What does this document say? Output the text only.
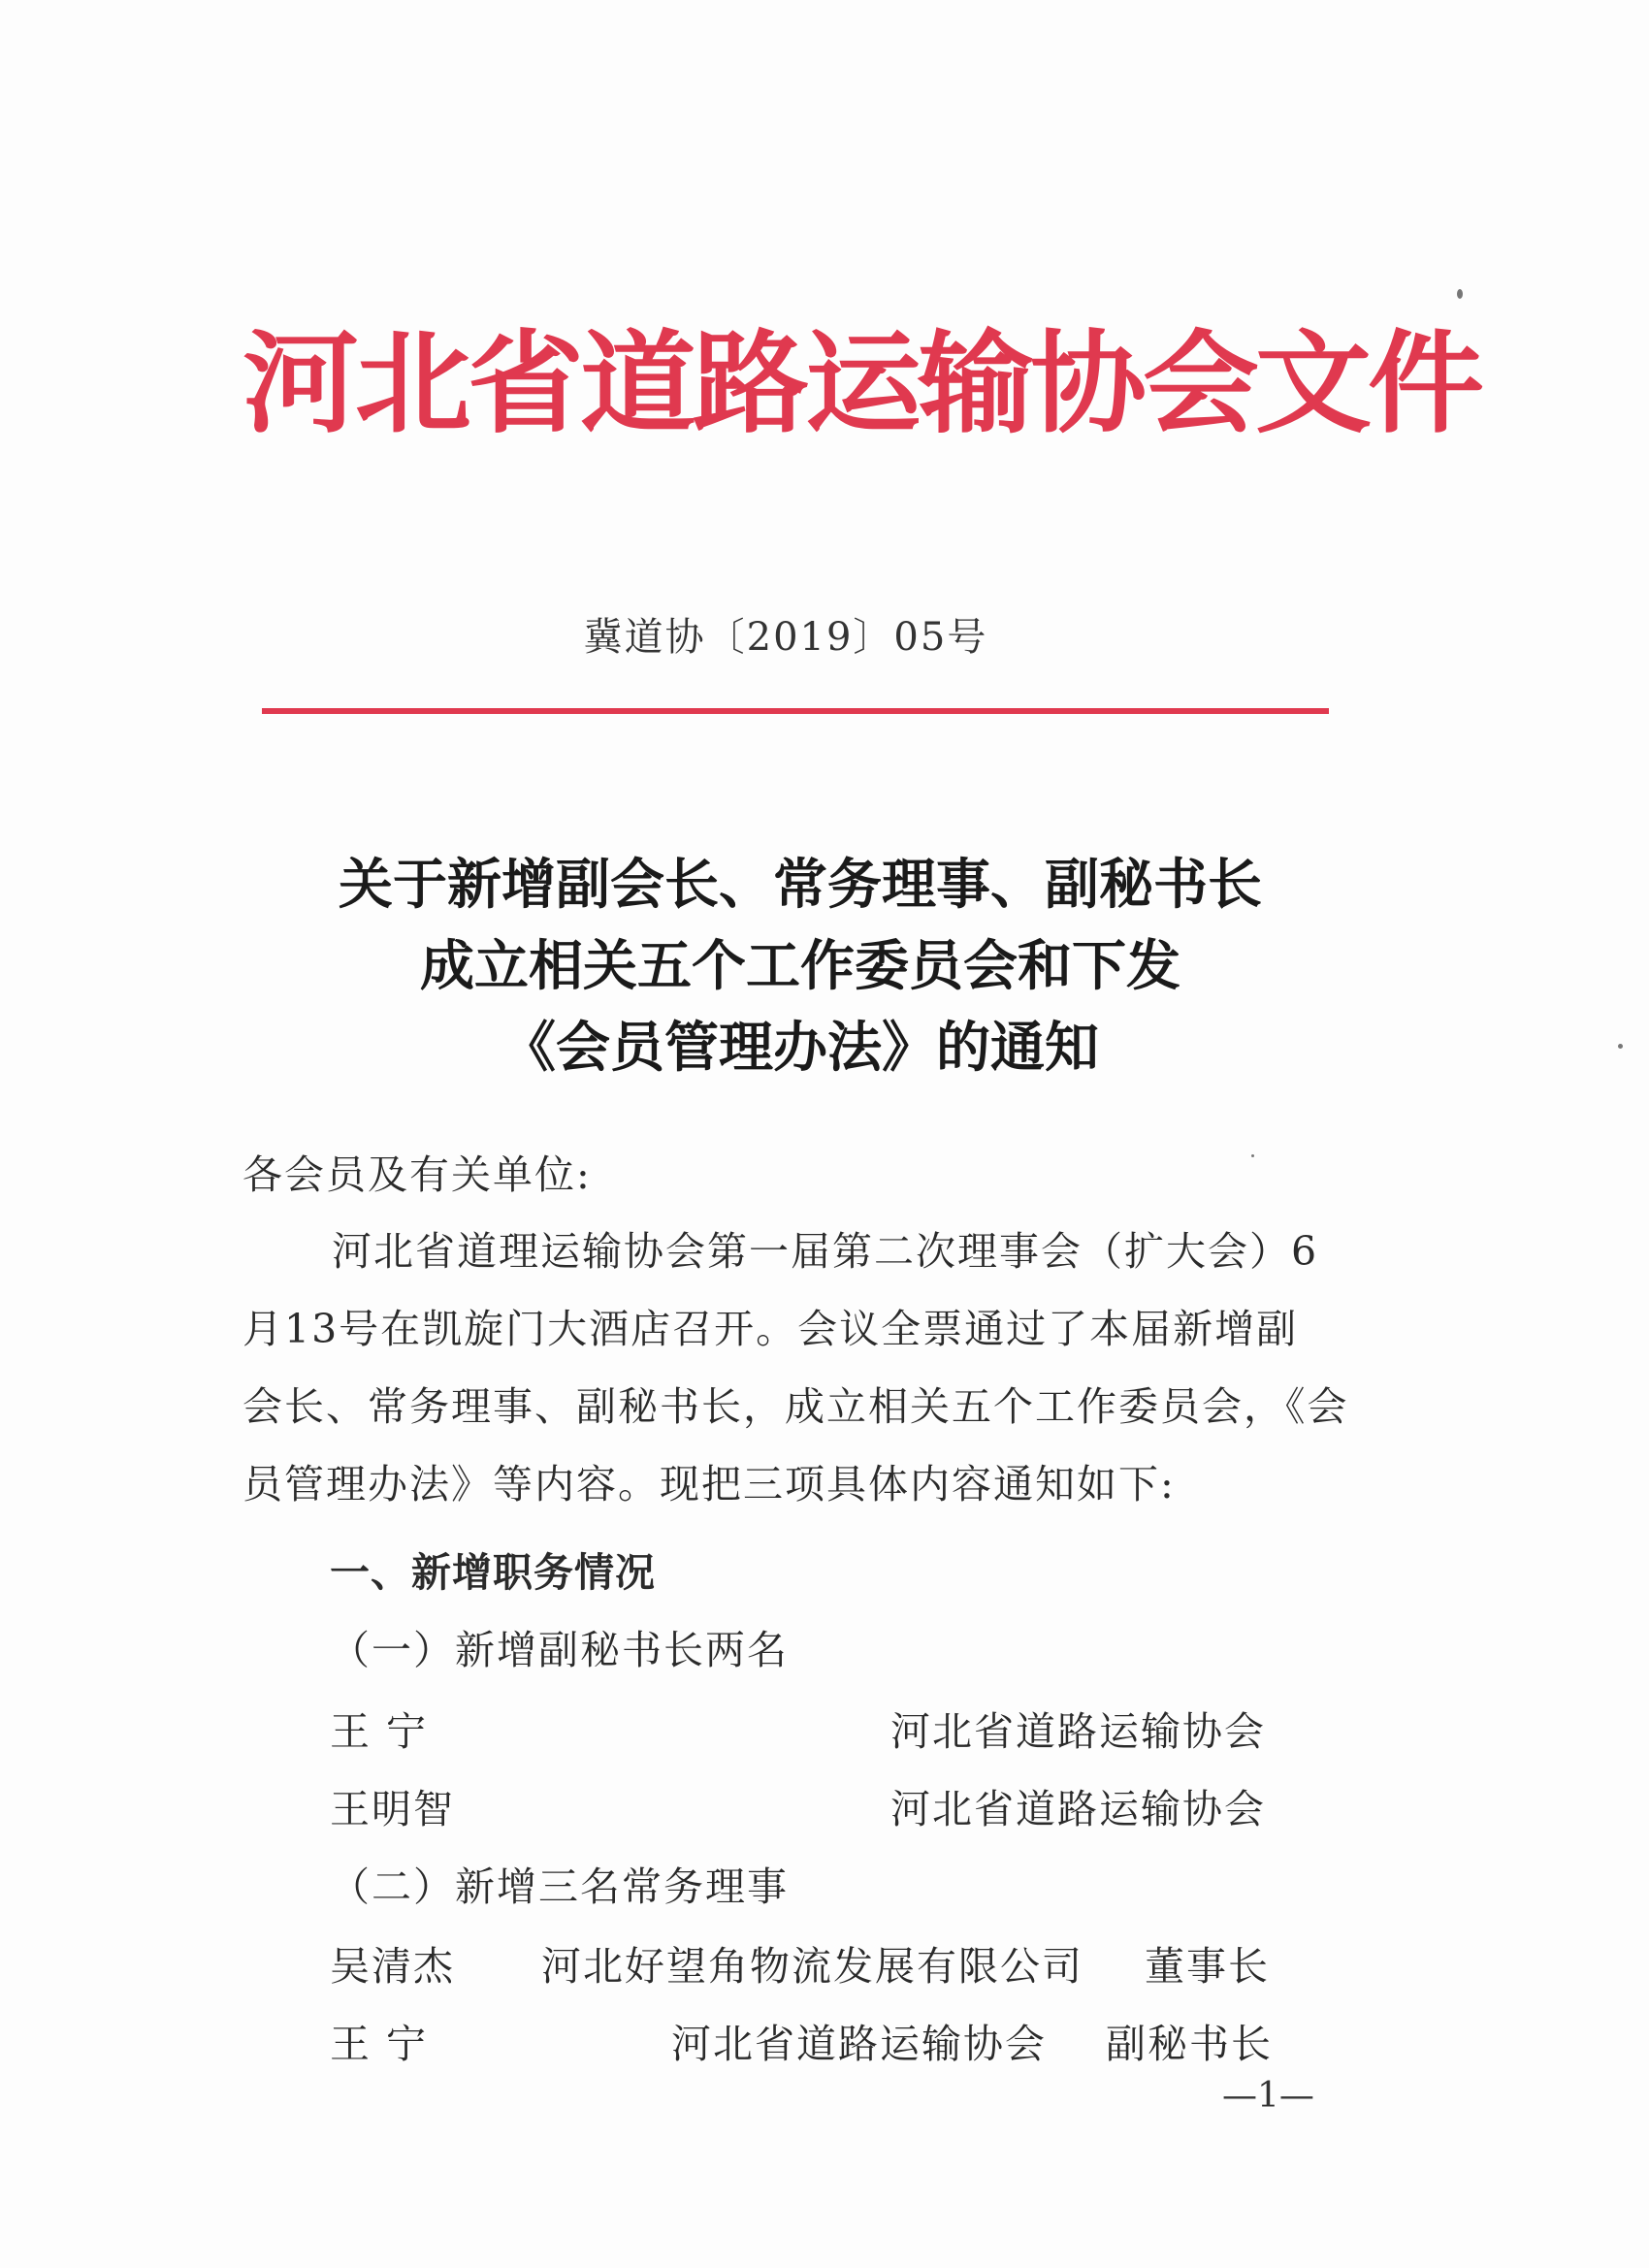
河北省道路运输协会文件
冀道协〔2019〕05号
关于新增副会长、常务理事、副秘书长
成立相关五个工作委员会和下发
《会员管理办法》的通知
各会员及有关单位:
河北省道理运输协会第一届第二次理事会（扩大会）6
月13号在凯旋门大酒店召开。会议全票通过了本届新增副
会长、常务理事、副秘书长，成立相关五个工作委员会，《会
员管理办法》等内容。现把三项具体内容通知如下:
一、新增职务情况
（一）新增副秘书长两名
王 宁	河北省道路运输协会
王明智	河北省道路运输协会
（二）新增三名常务理事
吴清杰 河北好望角物流发展有限公司 董事长
王 宁	河北省道路运输协会 副秘书长
—1—
